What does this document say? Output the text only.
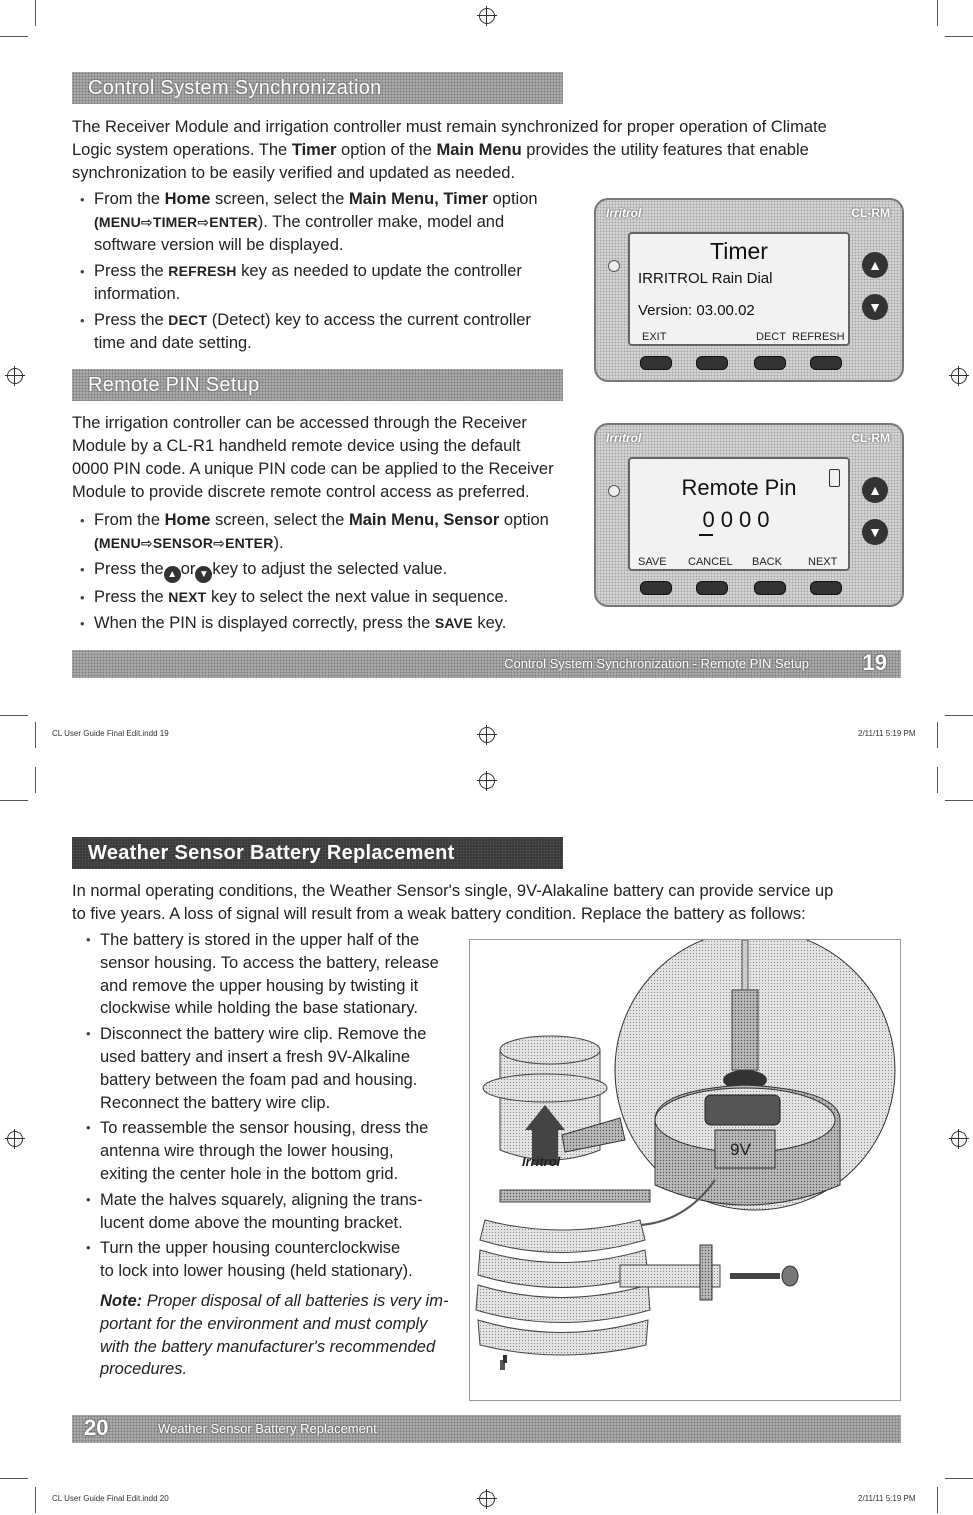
Control System Synchronization
The Receiver Module and irrigation controller must remain synchronized for proper operation of Climate
Logic system operations. The Timer option of the Main Menu provides the utility features that enable
synchronization to be easily verified and updated as needed.
• From the Home screen, select the Main Menu, Timer option
(MENU⇨TIMER⇨ENTER). The controller make, model and
software version will be displayed.
• Press the REFRESH key as needed to update the controller
information.
• Press the DECT (Detect) key to access the current controller
time and date setting.
Irritrol	CL-RM
Timer
IRRITROL Rain Dial
Version: 03.00.02
EXIT	DECT REFRESH
▲
▼
Remote PIN Setup
The irrigation controller can be accessed through the Receiver
Module by a CL-R1 handheld remote device using the default
0000 PIN code. A unique PIN code can be applied to the Receiver
Module to provide discrete remote control access as preferred.
• From the Home screen, select the Main Menu, Sensor option
(MENU⇨SENSOR⇨ENTER).
• Press the ▲ or ▼ key to adjust the selected value.
• Press the NEXT key to select the next value in sequence.
• When the PIN is displayed correctly, press the SAVE key.
Irritrol	CL-RM
Remote Pin
0000
SAVE CANCEL BACK NEXT
▲
▼
Control System Synchronization - Remote PIN Setup 19
CL User Guide Final Edit.indd 19	2/11/11 5:19 PM
Weather Sensor Battery Replacement
In normal operating conditions, the Weather Sensor's single, 9V-Alakaline battery can provide service up
to five years. A loss of signal will result from a weak battery condition. Replace the battery as follows:
• The battery is stored in the upper half of the
sensor housing. To access the battery, release
and remove the upper housing by twisting it
clockwise while holding the base stationary.
• Disconnect the battery wire clip. Remove the
used battery and insert a fresh 9V-Alkaline
battery between the foam pad and housing.
Reconnect the battery wire clip.
• To reassemble the sensor housing, dress the
antenna wire through the lower housing,
exiting the center hole in the bottom grid.
• Mate the halves squarely, aligning the trans-
lucent dome above the mounting bracket.
• Turn the upper housing counterclockwise
to lock into lower housing (held stationary).
Note: Proper disposal of all batteries is very im-
portant for the environment and must comply
with the battery manufacturer's recommended
procedures.
9V
Irritrol
REMOVE
20	Weather Sensor Battery Replacement
CL User Guide Final Edit.indd 20	2/11/11 5:19 PM
